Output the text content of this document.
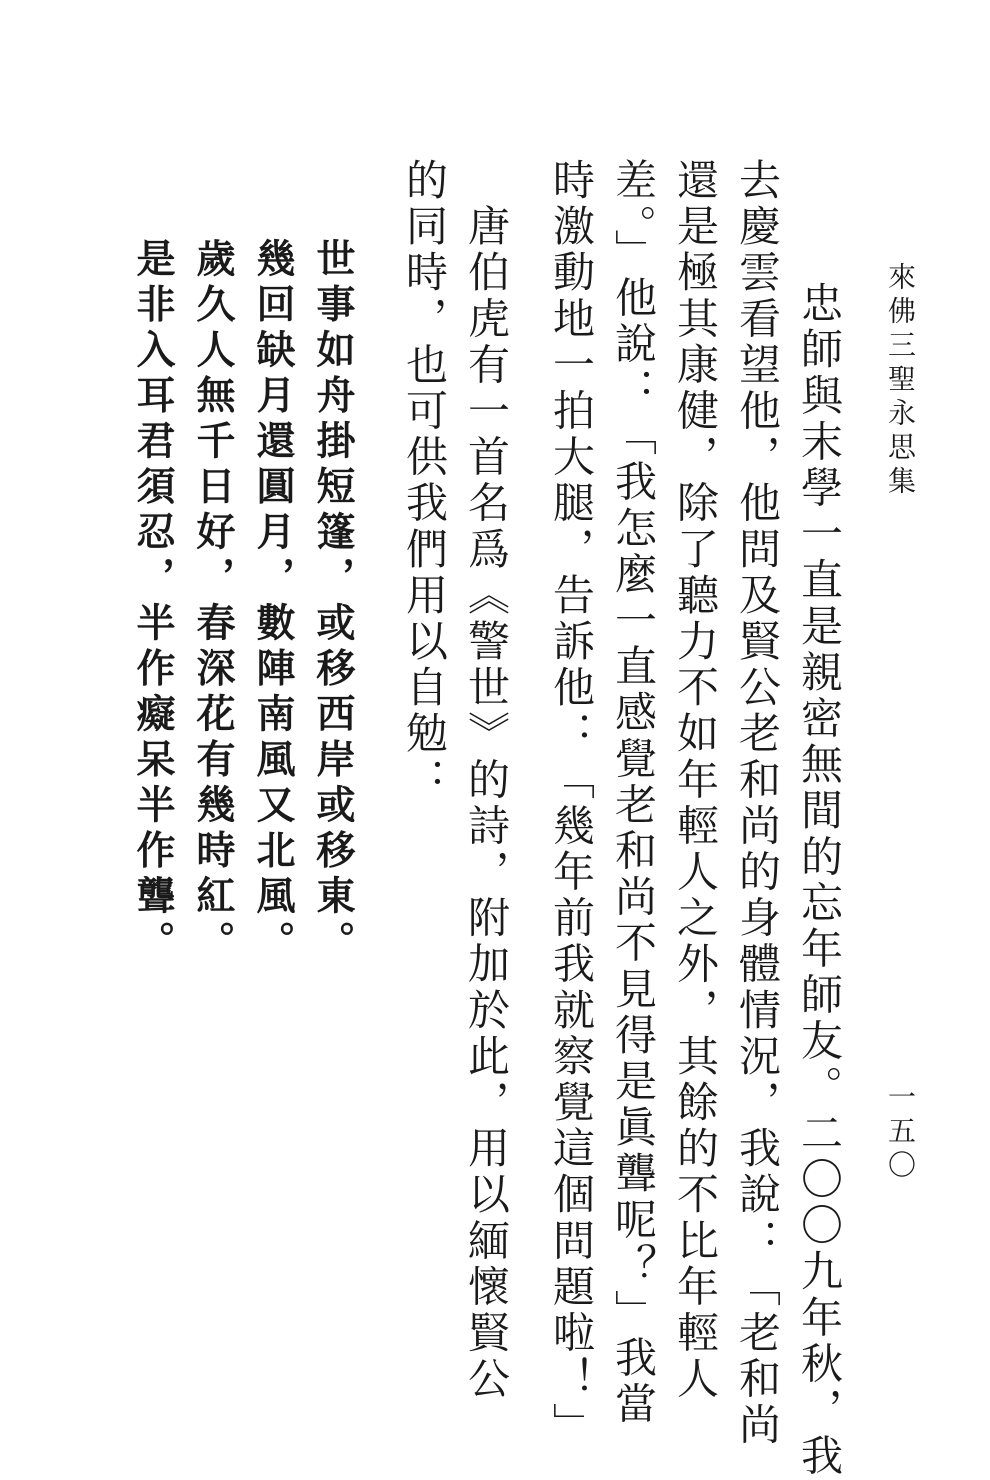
來佛三聖永思集
一五〇
　忠師與末學一直是親密無間的忘年師友。二〇〇九年秋，我
去慶雲看望他，他問及賢公老和尚的身體情況，我說：「老和尚
還是極其康健，除了聽力不如年輕人之外，其餘的不比年輕人
差。」他說：「我怎麼一直感覺老和尚不見得是眞聾呢？」我當
時激動地一拍大腿，告訴他：「幾年前我就察覺這個問題啦！」
　唐伯虎有一首名爲《警世》的詩，附加於此，用以緬懷賢公
的同時，也可供我們用以自勉：
世事如舟掛短篷，或移西岸或移東。
幾回缺月還圓月，數陣南風又北風。
歲久人無千日好，春深花有幾時紅。
是非入耳君須忍，半作癡呆半作聾。
